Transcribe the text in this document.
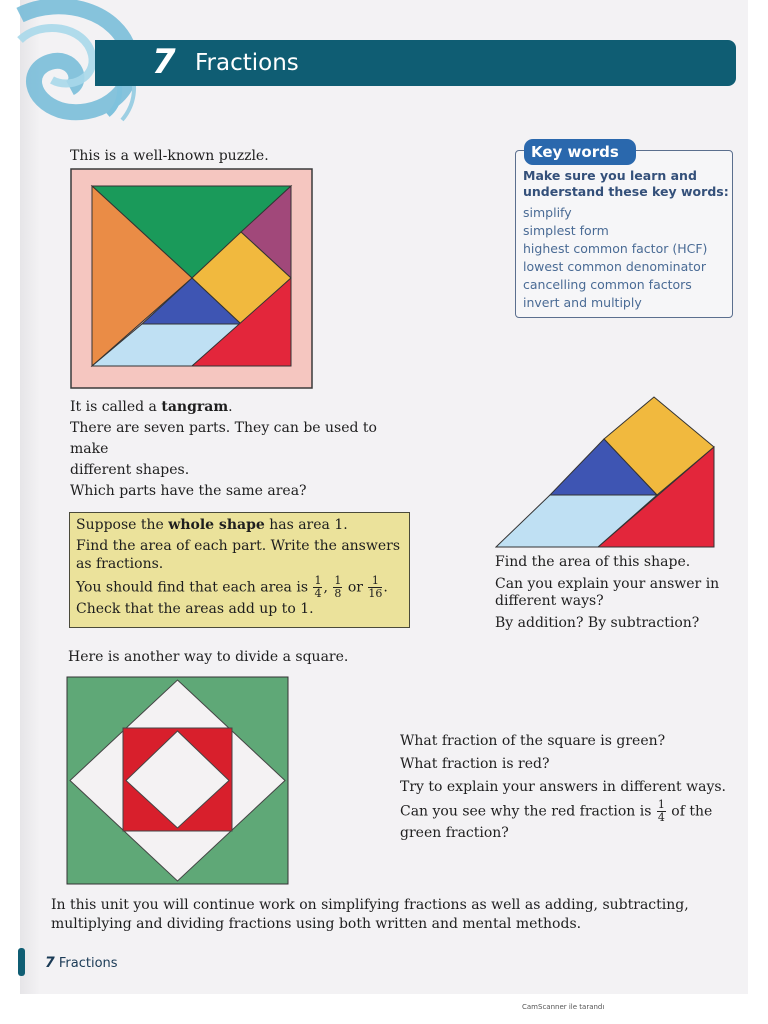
7 Fractions
This is a well-known puzzle.
It is called a tangram.
There are seven parts. They can be used to make
different shapes.
Which parts have the same area?
Key words
Make sure you learn and understand these key words:
simplify
simplest form
highest common factor (HCF)
lowest common denominator
cancelling common factors
invert and multiply
Suppose the whole shape has area 1.
Find the area of each part. Write the answers
as fractions.
You should find that each area is $\frac{1}{4}$ , $\frac{1}{8}$ or $\frac{1}{16}$ .
Check that the areas add up to 1.
Find the area of this shape.
Can you explain your answer in
different ways?
By addition? By subtraction?
Here is another way to divide a square.
What fraction of the square is green?
What fraction is red?
Try to explain your answers in different ways.
Can you see why the red fraction is $\frac{1}{4}$ of the
green fraction?
In this unit you will continue work on simplifying fractions as well as adding, subtracting, multiplying and dividing fractions using both written and mental methods.
7 Fractions
CamScanner ile tarandı
